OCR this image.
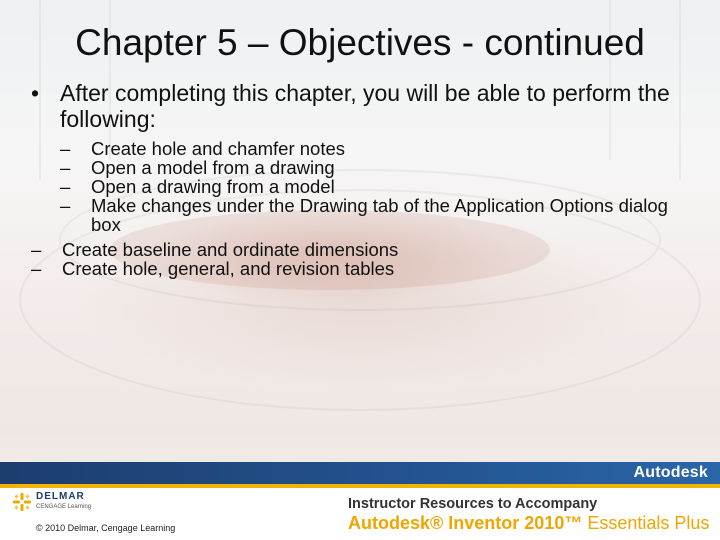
Chapter 5 – Objectives - continued
• After completing this chapter, you will be able to perform the following:
– Create hole and chamfer notes
– Open a model from a drawing
– Open a drawing from a model
– Make changes under the Drawing tab of the Application Options dialog box
– Create baseline and ordinate dimensions
– Create hole, general, and revision tables
Autodesk
DELMAR
CENGAGE Learning
© 2010 Delmar, Cengage Learning
Instructor Resources to Accompany
Autodesk® Inventor 2010™ Essentials Plus
